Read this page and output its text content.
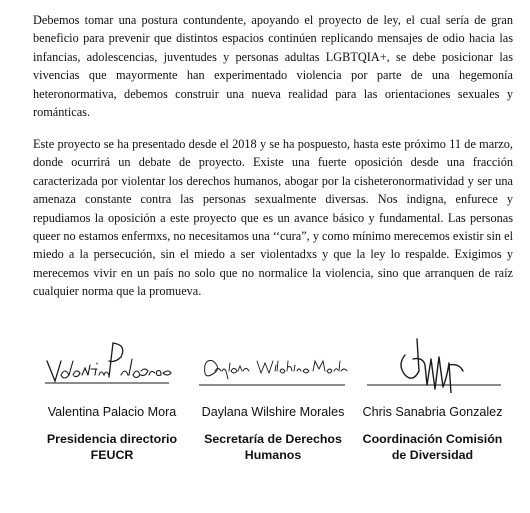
Debemos tomar una postura contundente, apoyando el proyecto de ley, el cual sería de gran beneficio para prevenir que distintos espacios continúen replicando mensajes de odio hacia las infancias, adolescencias, juventudes y personas adultas LGBTQIA+, se debe posicionar las vivencias que mayormente han experimentado violencia por parte de una hegemonía heteronormativa, debemos construir una nueva realidad para las orientaciones sexuales y románticas.

Este proyecto se ha presentado desde el 2018 y se ha pospuesto, hasta este próximo 11 de marzo, donde ocurrirá un debate de proyecto. Existe una fuerte oposición desde una fracción caracterizada por violentar los derechos humanos, abogar por la cisheteronormatividad y ser una amenaza constante contra las personas sexualmente diversas. Nos indigna, enfurece y repudiamos la oposición a este proyecto que es un avance básico y fundamental. Las personas queer no estamos enfermxs, no necesitamos una ‘‘cura”, y como mínimo merecemos existir sin el miedo a la persecución, sin el miedo a ser violentadxs y que la ley lo respalde. Exigimos y merecemos vivir en un país no solo que no normalice la violencia, sino que arranquen de raíz cualquier norma que la promueva.

Valentina Palacio Mora
Presidencia directorio FEUCR
Daylana Wilshire Morales
Secretaría de Derechos Humanos
Chris Sanabria Gonzalez
Coordinación Comisión de Diversidad
